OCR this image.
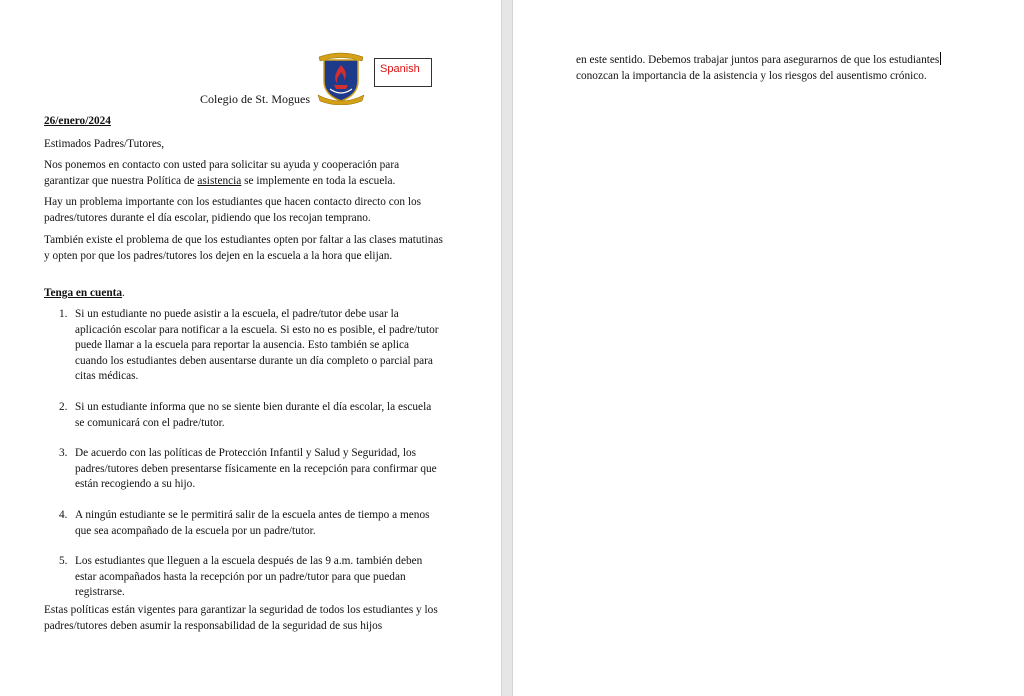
Spanish
Colegio de St. Mogues
26/enero/2024
Estimados Padres/Tutores,
Nos ponemos en contacto con usted para solicitar su ayuda y cooperación para garantizar que nuestra Política de asistencia se implemente en toda la escuela.
Hay un problema importante con los estudiantes que hacen contacto directo con los padres/tutores durante el día escolar, pidiendo que los recojan temprano.
También existe el problema de que los estudiantes opten por faltar a las clases matutinas y opten por que los padres/tutores los dejen en la escuela a la hora que elijan.
Tenga en cuenta.
1. Si un estudiante no puede asistir a la escuela, el padre/tutor debe usar la aplicación escolar para notificar a la escuela. Si esto no es posible, el padre/tutor puede llamar a la escuela para reportar la ausencia. Esto también se aplica cuando los estudiantes deben ausentarse durante un día completo o parcial para citas médicas.
2. Si un estudiante informa que no se siente bien durante el día escolar, la escuela se comunicará con el padre/tutor.
3. De acuerdo con las políticas de Protección Infantil y Salud y Seguridad, los padres/tutores deben presentarse físicamente en la recepción para confirmar que están recogiendo a su hijo.
4. A ningún estudiante se le permitirá salir de la escuela antes de tiempo a menos que sea acompañado de la escuela por un padre/tutor.
5. Los estudiantes que lleguen a la escuela después de las 9 a.m. también deben estar acompañados hasta la recepción por un padre/tutor para que puedan registrarse.
Estas políticas están vigentes para garantizar la seguridad de todos los estudiantes y los padres/tutores deben asumir la responsabilidad de la seguridad de sus hijos
en este sentido. Debemos trabajar juntos para asegurarnos de que los estudiantes
conozcan la importancia de la asistencia y los riesgos del ausentismo crónico.
